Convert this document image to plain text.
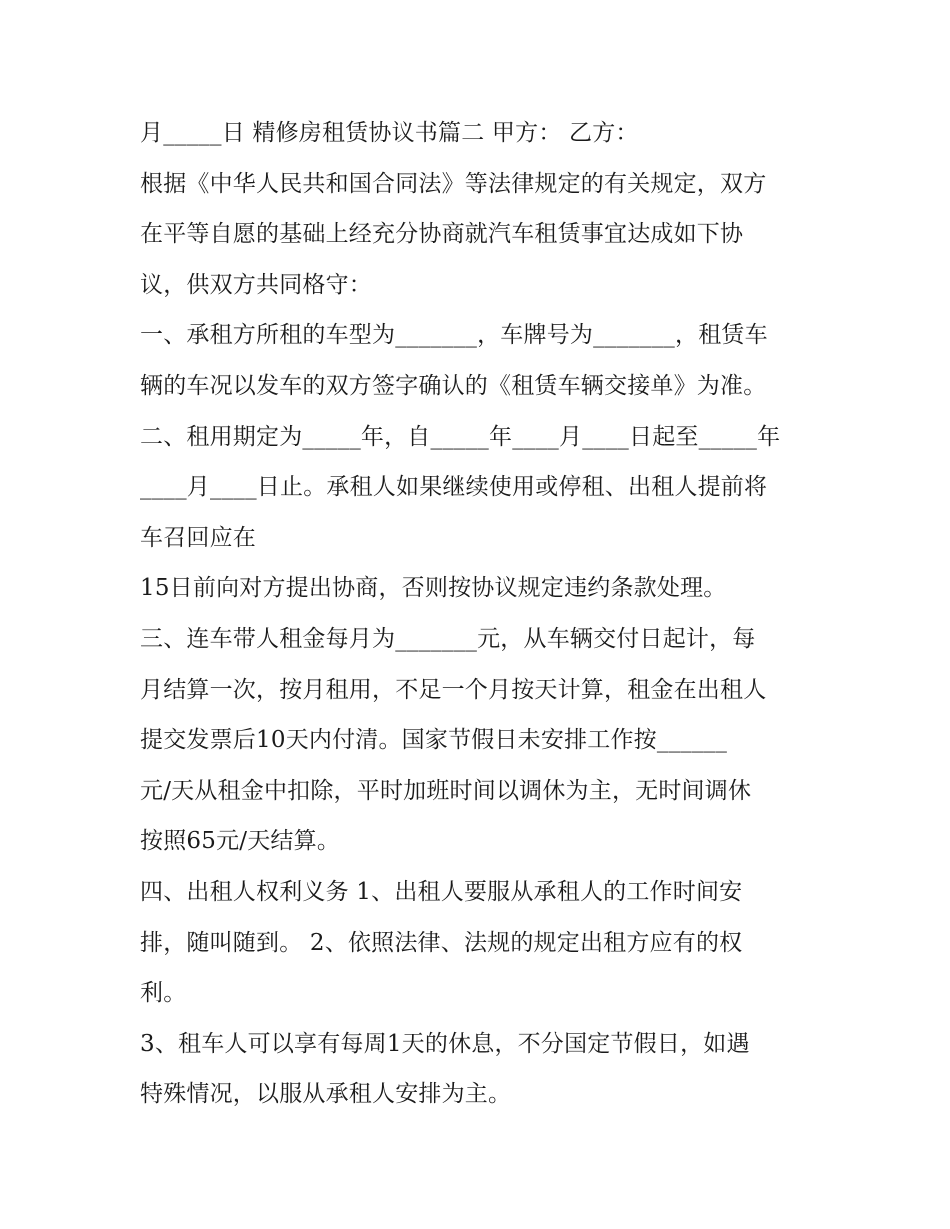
月_____日 精修房租赁协议书篇二 甲方： 乙方：
根据《中华人民共和国合同法》等法律规定的有关规定，双方
在平等自愿的基础上经充分协商就汽车租赁事宜达成如下协
议，供双方共同格守：
一、承租方所租的车型为_______，车牌号为_______，租赁车
辆的车况以发车的双方签字确认的《租赁车辆交接单》为准。
二、租用期定为_____年，自_____年____月____日起至_____年
____月____日止。承租人如果继续使用或停租、出租人提前将
车召回应在
15日前向对方提出协商，否则按协议规定违约条款处理。
三、连车带人租金每月为_______元，从车辆交付日起计，每
月结算一次，按月租用，不足一个月按天计算，租金在出租人
提交发票后10天内付清。国家节假日未安排工作按______
元/天从租金中扣除，平时加班时间以调休为主，无时间调休
按照65元/天结算。
四、出租人权利义务 1、出租人要服从承租人的工作时间安
排，随叫随到。 2、依照法律、法规的规定出租方应有的权
利。
3、租车人可以享有每周1天的休息，不分国定节假日，如遇
特殊情况，以服从承租人安排为主。
